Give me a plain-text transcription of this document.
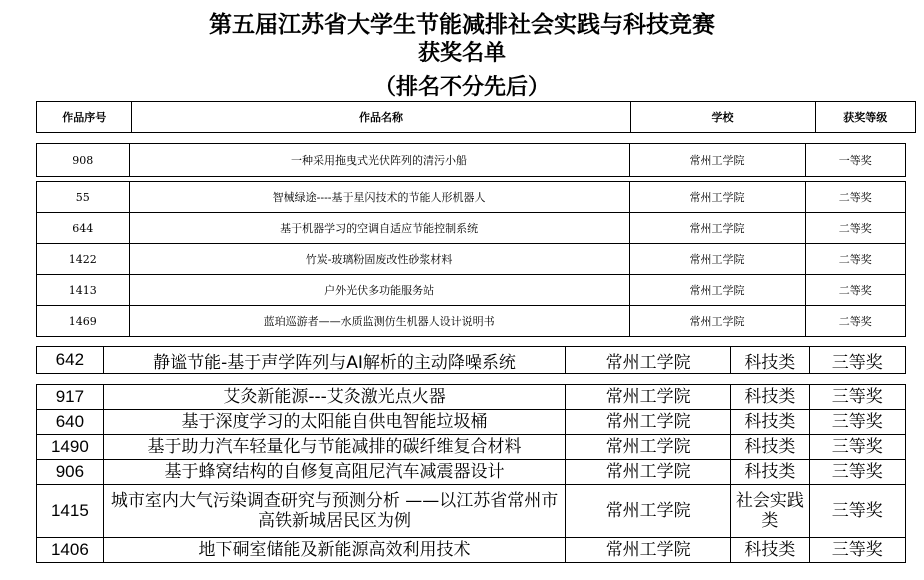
第五届江苏省大学生节能减排社会实践与科技竞赛
获奖名单
（排名不分先后）
作品序号	作品名称	学校	获奖等级
908	一种采用拖曳式光伏阵列的清污小船	常州工学院	一等奖
55	智械绿途----基于星闪技术的节能人形机器人	常州工学院	二等奖
644	基于机器学习的空调自适应节能控制系统	常州工学院	二等奖
1422	竹炭-玻璃粉固废改性砂浆材料	常州工学院	二等奖
1413	户外光伏多功能服务站	常州工学院	二等奖
1469	蓝珀巡游者——水质监测仿生机器人设计说明书	常州工学院	二等奖
642	静谧节能-基于声学阵列与AI解析的主动降噪系统	常州工学院	科技类	三等奖
917	艾灸新能源---艾灸激光点火器	常州工学院	科技类	三等奖
640	基于深度学习的太阳能自供电智能垃圾桶	常州工学院	科技类	三等奖
1490	基于助力汽车轻量化与节能减排的碳纤维复合材料	常州工学院	科技类	三等奖
906	基于蜂窝结构的自修复高阻尼汽车减震器设计	常州工学院	科技类	三等奖
1415	城市室内大气污染调查研究与预测分析 ——以江苏省常州市高铁新城居民区为例	常州工学院	社会实践类	三等奖
1406	地下硐室储能及新能源高效利用技术	常州工学院	科技类	三等奖
